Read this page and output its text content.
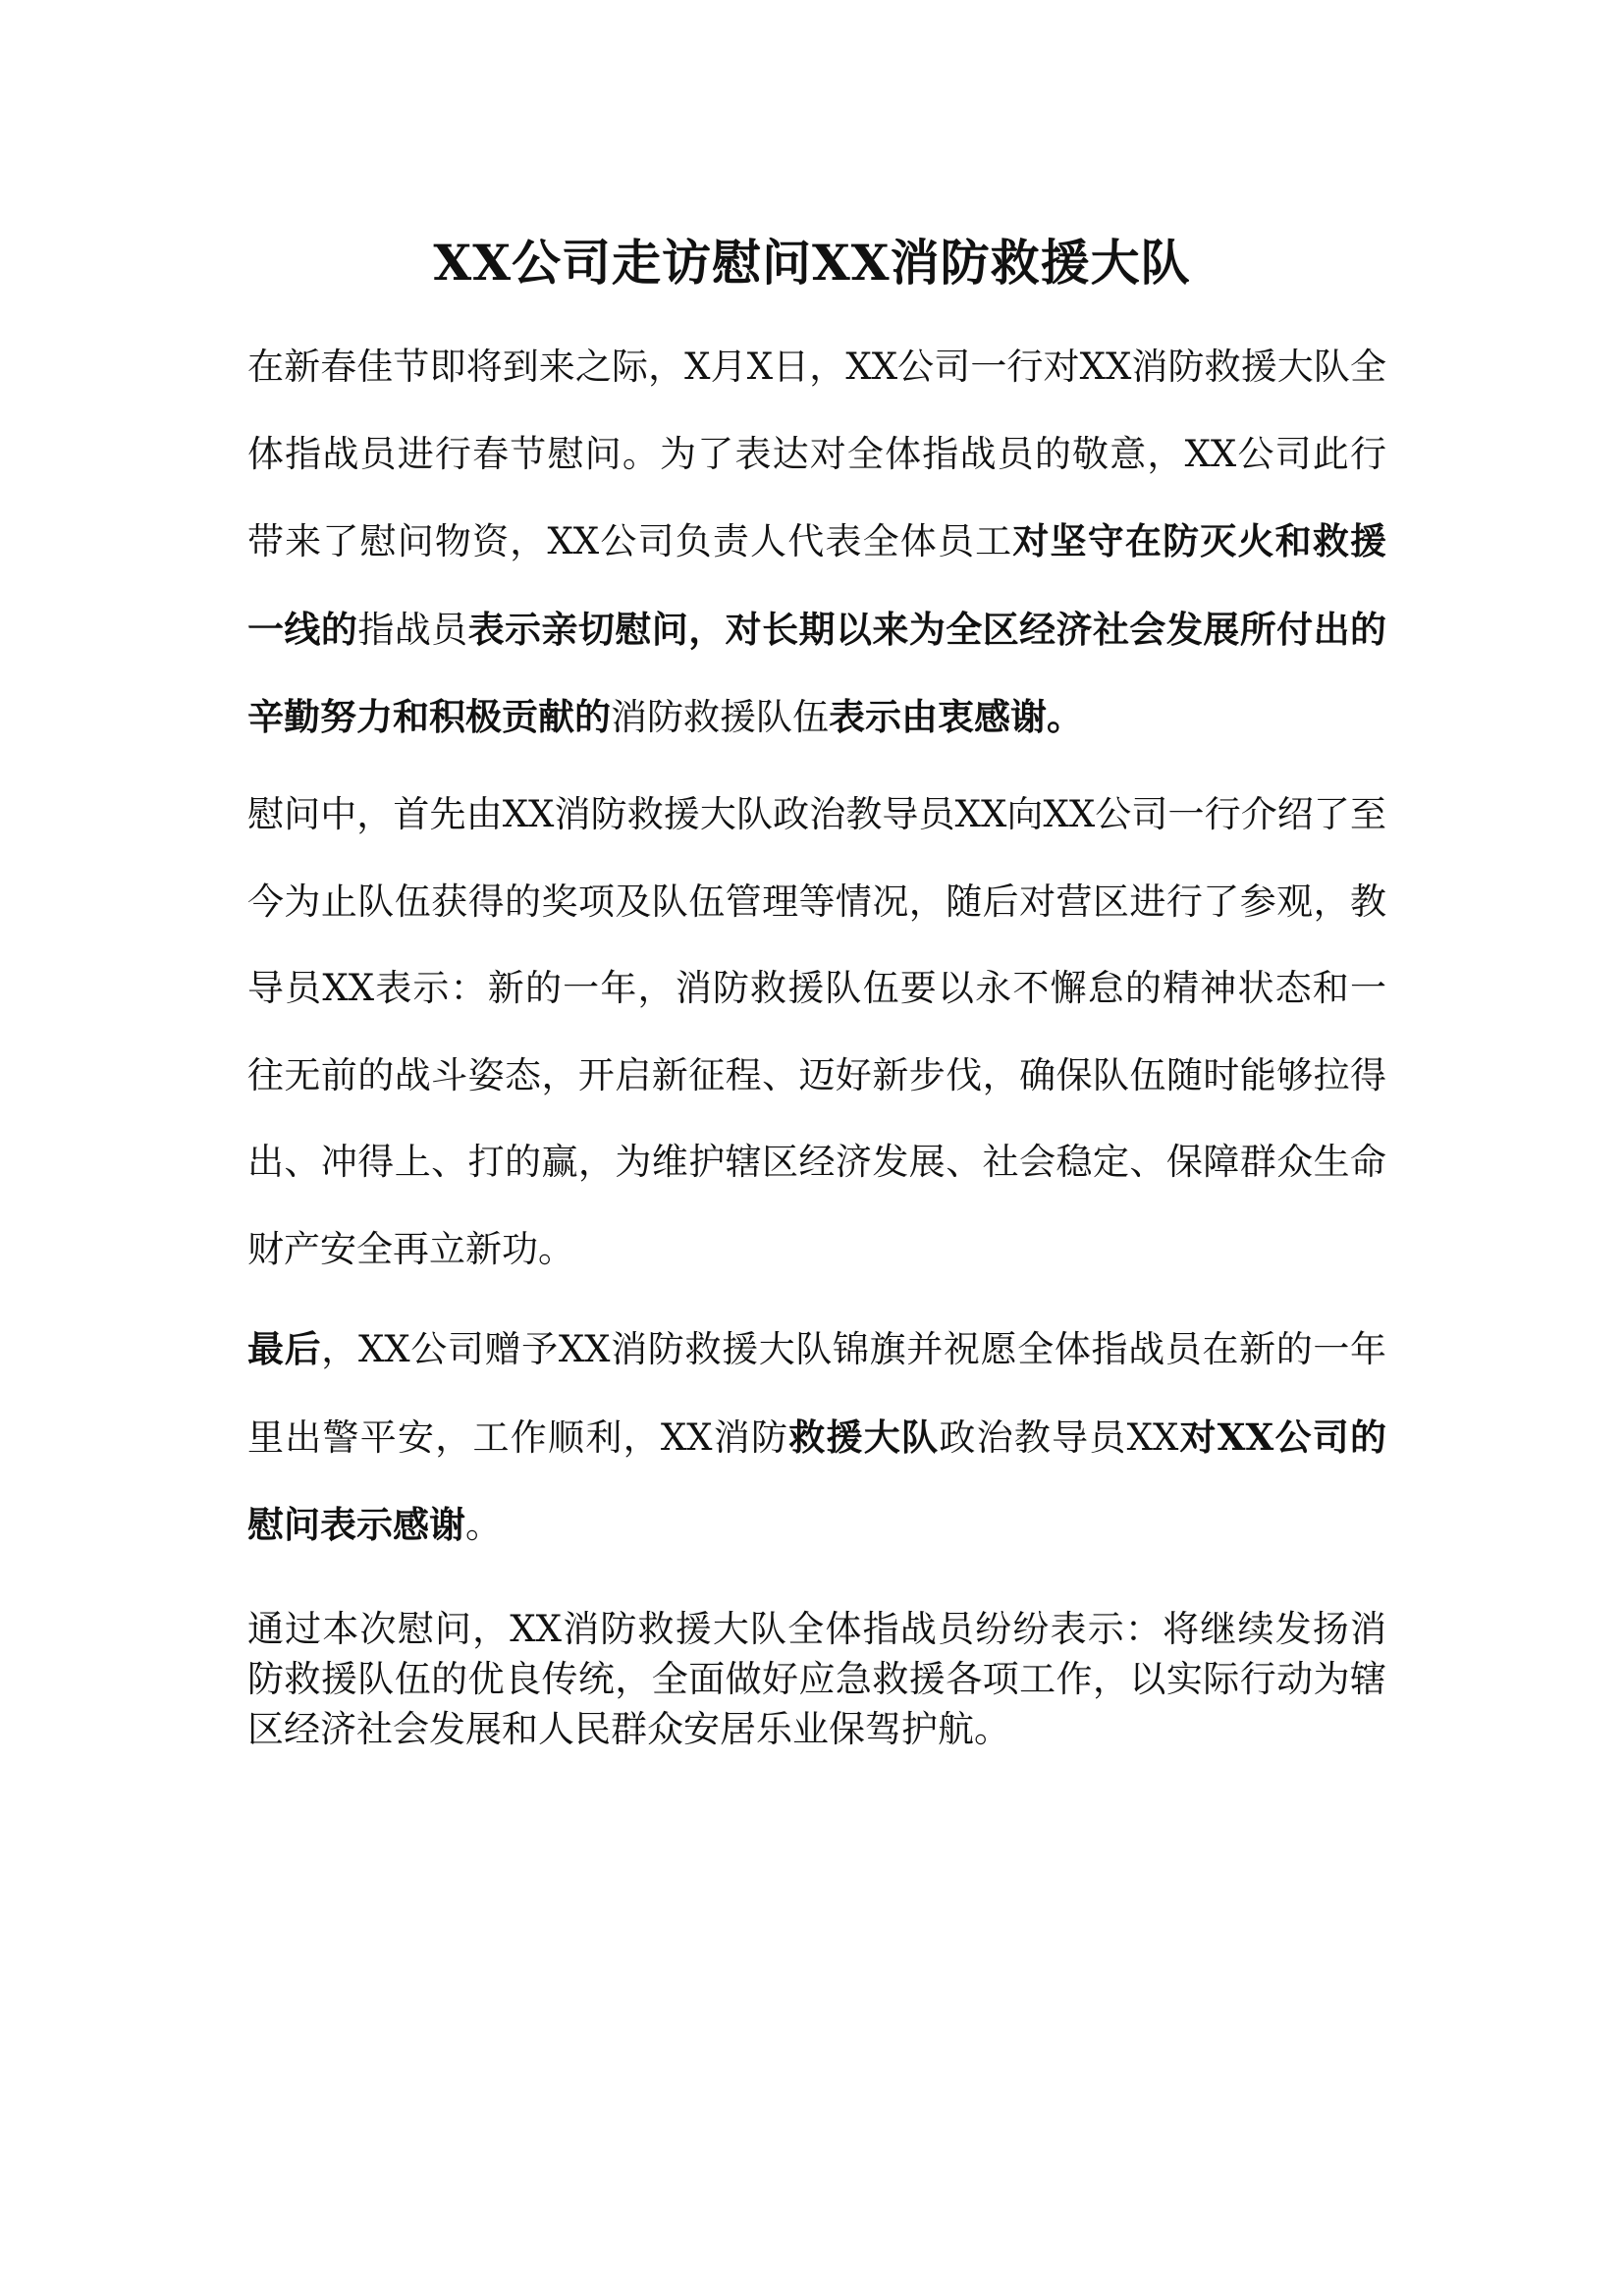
XX公司走访慰问XX消防救援大队

在新春佳节即将到来之际，X月X日，XX公司一行对XX消防救援大队全体指战员进行春节慰问。为了表达对全体指战员的敬意，XX公司此行带来了慰问物资，XX公司负责人代表全体员工对坚守在防灭火和救援一线的指战员表示亲切慰问，对长期以来为全区经济社会发展所付出的辛勤努力和积极贡献的消防救援队伍表示由衷感谢。

慰问中，首先由XX消防救援大队政治教导员XX向XX公司一行介绍了至今为止队伍获得的奖项及队伍管理等情况，随后对营区进行了参观，教导员XX表示：新的一年，消防救援队伍要以永不懈怠的精神状态和一往无前的战斗姿态，开启新征程、迈好新步伐，确保队伍随时能够拉得出、冲得上、打的赢，为维护辖区经济发展、社会稳定、保障群众生命财产安全再立新功。

最后，XX公司赠予XX消防救援大队锦旗并祝愿全体指战员在新的一年里出警平安，工作顺利，XX消防救援大队政治教导员XX对XX公司的慰问表示感谢。

通过本次慰问，XX消防救援大队全体指战员纷纷表示：将继续发扬消防救援队伍的优良传统，全面做好应急救援各项工作，以实际行动为辖区经济社会发展和人民群众安居乐业保驾护航。
